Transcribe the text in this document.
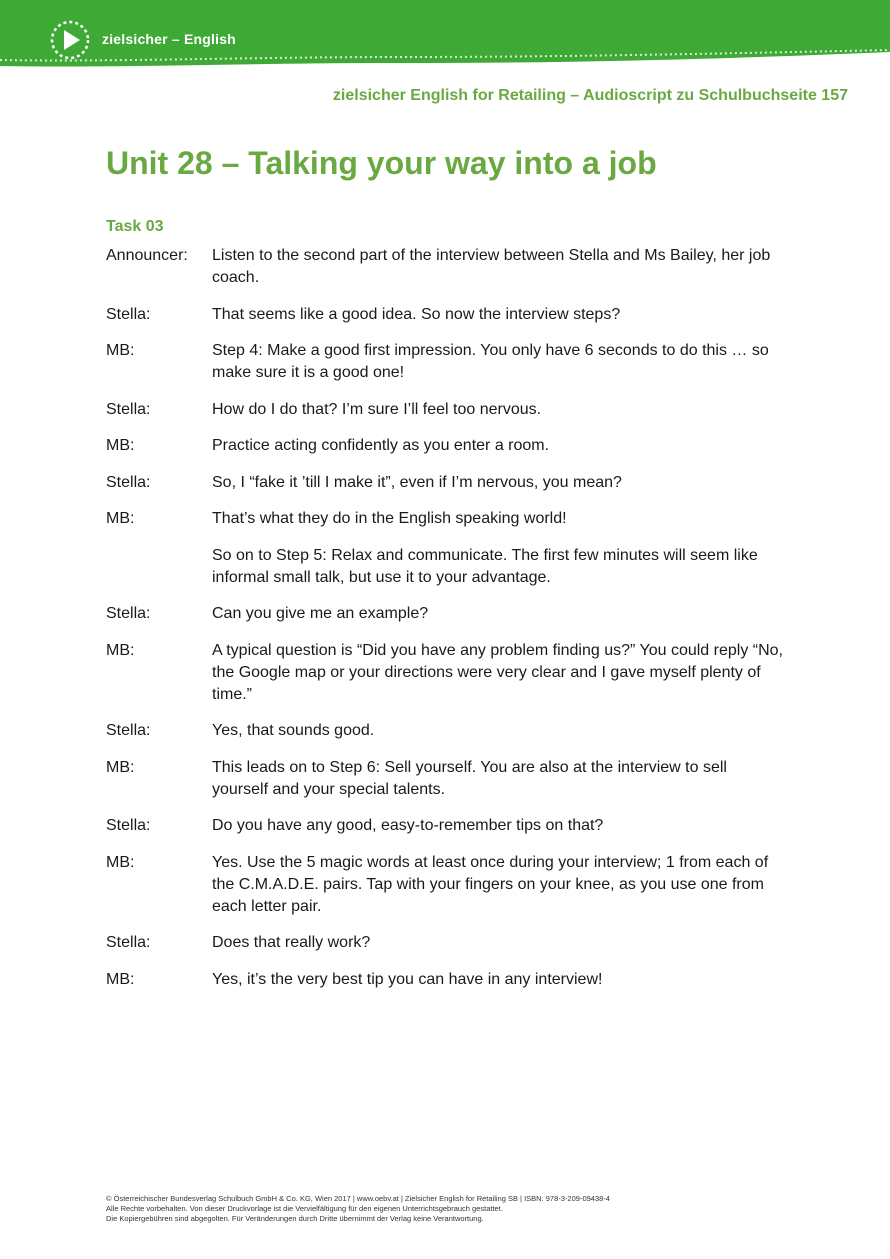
zielsicher – English
zielsicher English for Retailing – Audioscript zu Schulbuchseite 157
Unit 28 – Talking your way into a job
Task 03
Announcer:	Listen to the second part of the interview between Stella and Ms Bailey, her job coach.
Stella:	That seems like a good idea. So now the interview steps?
MB:	Step 4: Make a good first impression. You only have 6 seconds to do this … so make sure it is a good one!
Stella:	How do I do that? I’m sure I’ll feel too nervous.
MB:	Practice acting confidently as you enter a room.
Stella:	So, I “fake it ’till I make it”, even if I’m nervous, you mean?
MB:	That’s what they do in the English speaking world!
So on to Step 5: Relax and communicate. The first few minutes will seem like informal small talk, but use it to your advantage.
Stella:	Can you give me an example?
MB:	A typical question is “Did you have any problem finding us?” You could reply “No, the Google map or your directions were very clear and I gave myself plenty of time.”
Stella:	Yes, that sounds good.
MB:	This leads on to Step 6: Sell yourself. You are also at the interview to sell yourself and your special talents.
Stella:	Do you have any good, easy-to-remember tips on that?
MB:	Yes. Use the 5 magic words at least once during your interview; 1 from each of the C.M.A.D.E. pairs. Tap with your fingers on your knee, as you use one from each letter pair.
Stella:	Does that really work?
MB:	Yes, it’s the very best tip you can have in any interview!
© Österreichischer Bundesverlag Schulbuch GmbH & Co. KG, Wien 2017 | www.oebv.at | Zielsicher English for Retailing SB | ISBN: 978-3-209-09438-4
Alle Rechte vorbehalten. Von dieser Druckvorlage ist die Vervielfältigung für den eigenen Unterrichtsgebrauch gestattet.
Die Kopiergebühren sind abgegolten. Für Veränderungen durch Dritte übernimmt der Verlag keine Verantwortung.
